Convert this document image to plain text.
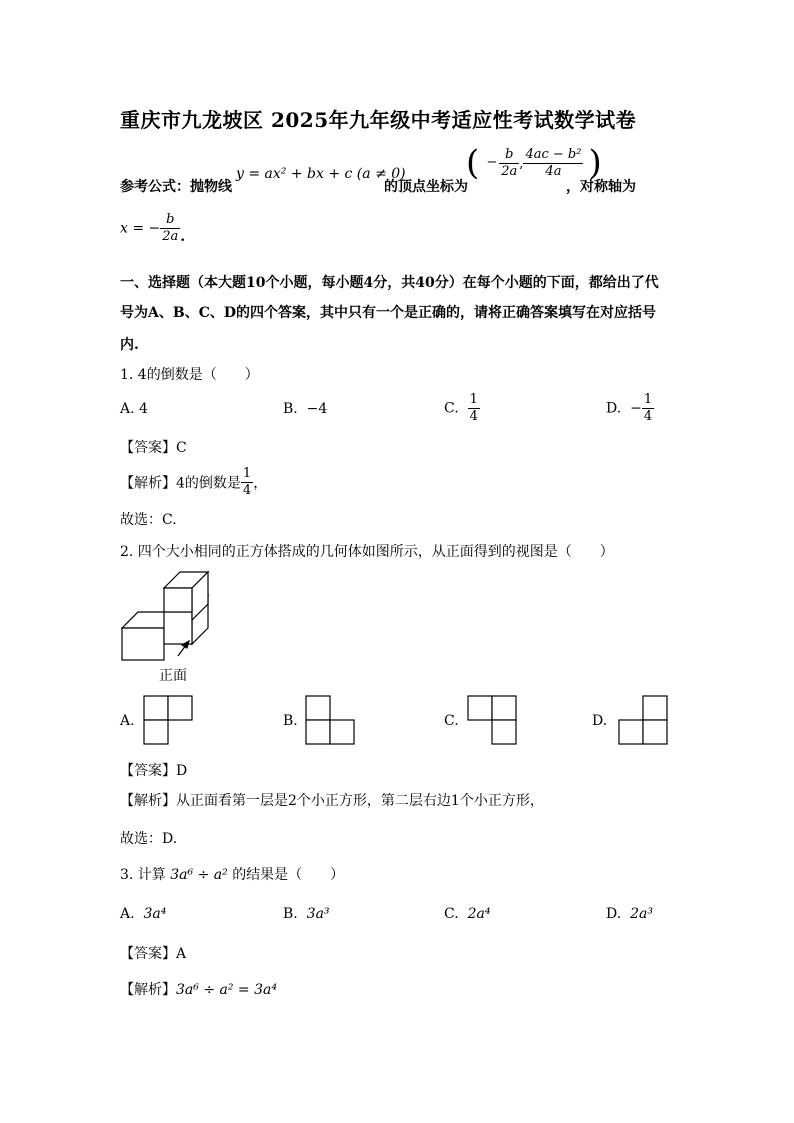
重庆市九龙坡区 2025年九年级中考适应性考试数学试卷
参考公式：抛物线
y = ax² + bx + c (a ≠ 0)
的顶点坐标为
( − $\frac{b}{2a}$ , $\frac{\text{4ac − b²}}{4a}$ )
，对称轴为
x = − $\frac{b}{2a}$ .
一、选择题（本大题10个小题，每小题4分，共40分）在每个小题的下面，都给出了代
号为A、B、C、D的四个答案，其中只有一个是正确的，请将正确答案填写在对应括号
内.
1. 4的倒数是（　　）
A. 4	B. −4	C. $\frac{1}{4}$	D. − $\frac{1}{4}$
【答案】C
【解析】4的倒数是 $\frac{1}{4}$ ，
故选：C.
2. 四个大小相同的正方体搭成的几何体如图所示，从正面得到的视图是（　　）
正面
A.	B.	C.	D.
【答案】D
【解析】从正面看第一层是2个小正方形，第二层右边1个小正方形，
故选：D.
3. 计算 3a⁶ ÷ a² 的结果是（　　）
A. 3a⁴	B. 3a³	C. 2a⁴	D. 2a³
【答案】A
【解析】3a⁶ ÷ a² = 3a⁴
